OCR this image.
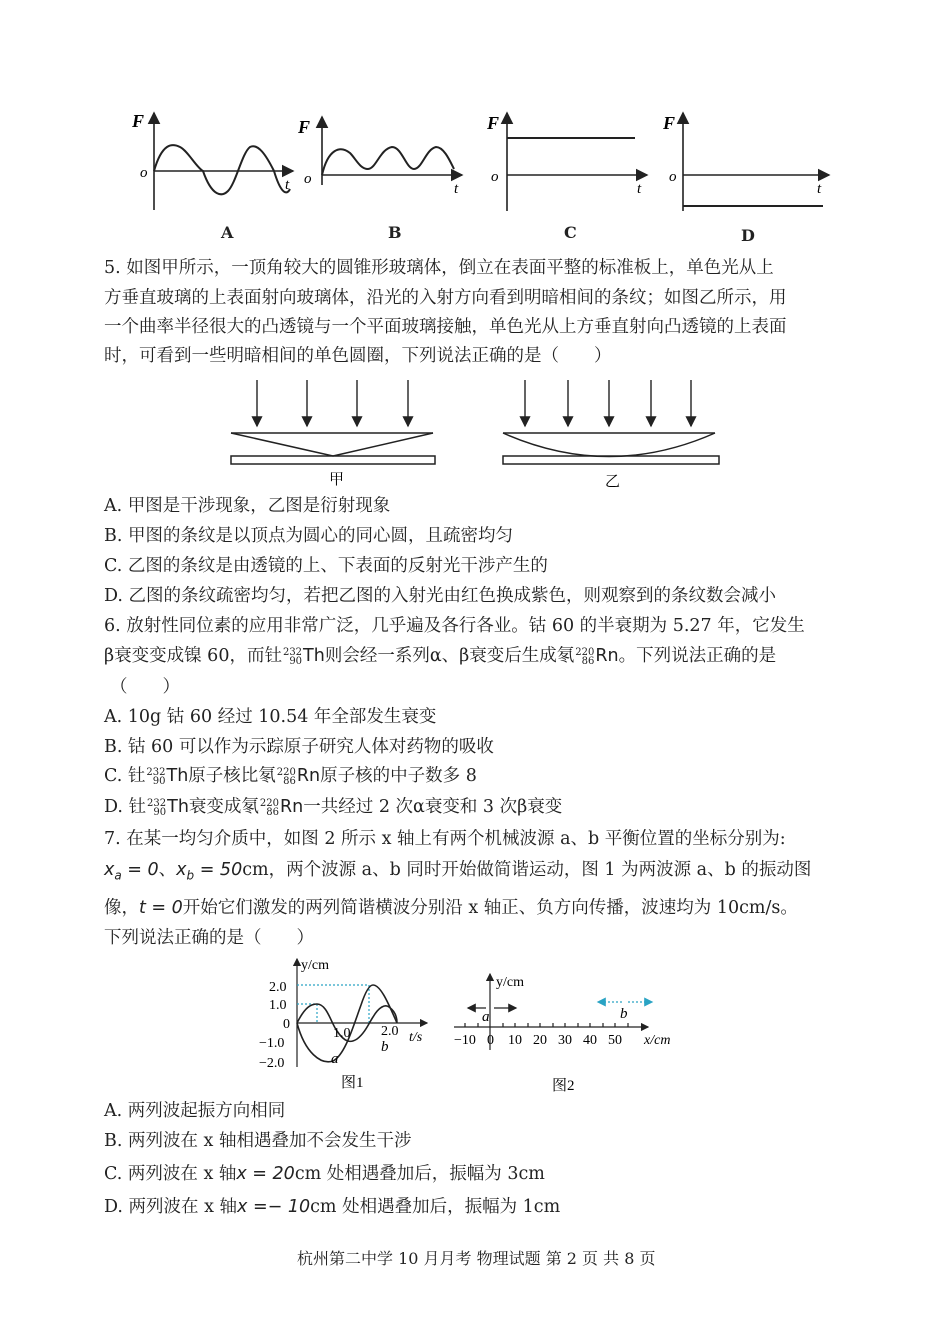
F
o
t
F
o
t
F
o
t
F
o
t
A	B	C	D
5. 如图甲所示，一顶角较大的圆锥形玻璃体，倒立在表面平整的标准板上，单色光从上
方垂直玻璃的上表面射向玻璃体，沿光的入射方向看到明暗相间的条纹；如图乙所示，用
一个曲率半径很大的凸透镜与一个平面玻璃接触，单色光从上方垂直射向凸透镜的上表面
时，可看到一些明暗相间的单色圆圈，下列说法正确的是（　　）
甲	乙
A. 甲图是干涉现象，乙图是衍射现象
B. 甲图的条纹是以顶点为圆心的同心圆，且疏密均匀
C. 乙图的条纹是由透镜的上、下表面的反射光干涉产生的
D. 乙图的条纹疏密均匀，若把乙图的入射光由红色换成紫色，则观察到的条纹数会减小
6. 放射性同位素的应用非常广泛，几乎遍及各行各业。钴 60 的半衰期为 5.27 年，它发生
β衰变变成镍 60，而钍 232
90 Th则会经一系列α、β衰变后生成氡 220
86 Rn。下列说法正确的是
（　　）
A. 10g 钴 60 经过 10.54 年全部发生衰变
B. 钴 60 可以作为示踪原子研究人体对药物的吸收
C. 钍 232
90 Th原子核比氡 220
86 Rn原子核的中子数多 8
D. 钍 232
90 Th衰变成氡 220
86 Rn一共经过 2 次α衰变和 3 次β衰变
7. 在某一均匀介质中，如图 2 所示 x 轴上有两个机械波源 a、b 平衡位置的坐标分别为:
$x_a = 0$、$x_b = 50cm$，两个波源 a、b 同时开始做简谐运动，图 1 为两波源 a、b 的振动图
像，t = 0开始它们激发的两列简谐横波分别沿 x 轴正、负方向传播，波速均为 10cm/s。
下列说法正确的是（　　）
y/cm
t/s
2.0
1.0
0
−1.0
−2.0
1.0 2.0
a
b
图1
y/cm
x/cm
a	b
−10 0 10 20 30 40 50
图2
A. 两列波起振方向相同
B. 两列波在 x 轴相遇叠加不会发生干涉
C. 两列波在 x 轴x = 20cm 处相遇叠加后，振幅为 3cm
D. 两列波在 x 轴x =− 10cm 处相遇叠加后，振幅为 1cm
杭州第二中学 10 月月考 物理试题 第 2 页 共 8 页
